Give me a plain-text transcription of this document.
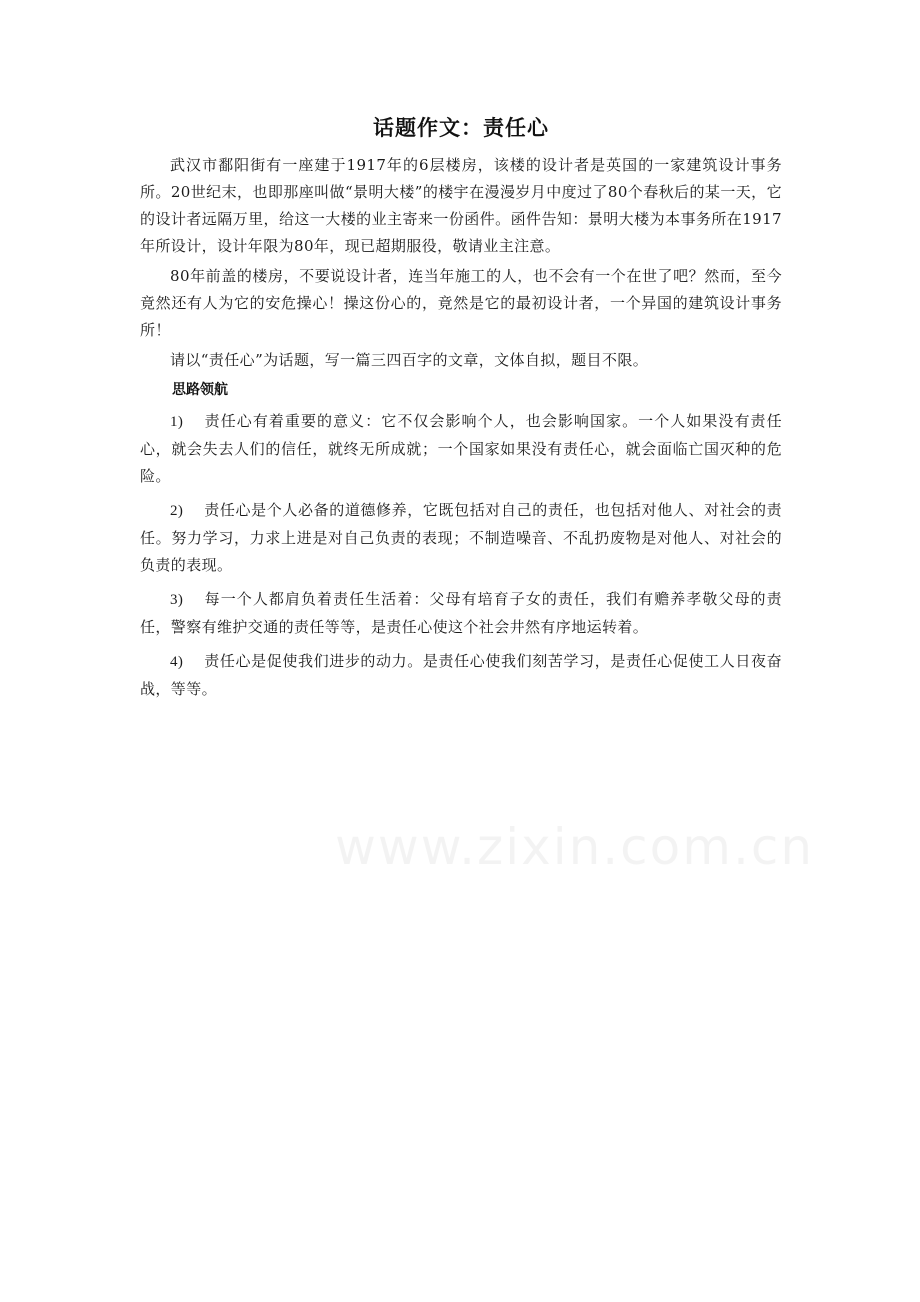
话题作文：责任心

武汉市鄱阳街有一座建于1917年的6层楼房，该楼的设计者是英国的一家建筑设计事务所。20世纪末，也即那座叫做“景明大楼”的楼宇在漫漫岁月中度过了80个春秋后的某一天，它的设计者远隔万里，给这一大楼的业主寄来一份函件。函件告知：景明大楼为本事务所在1917年所设计，设计年限为80年，现已超期服役，敬请业主注意。

80年前盖的楼房，不要说设计者，连当年施工的人，也不会有一个在世了吧？然而，至今竟然还有人为它的安危操心！操这份心的，竟然是它的最初设计者，一个异国的建筑设计事务所！

请以“责任心”为话题，写一篇三四百字的文章，文体自拟，题目不限。

思路领航

1) 责任心有着重要的意义：它不仅会影响个人，也会影响国家。一个人如果没有责任心，就会失去人们的信任，就终无所成就；一个国家如果没有责任心，就会面临亡国灭种的危险。

2) 责任心是个人必备的道德修养，它既包括对自己的责任，也包括对他人、对社会的责任。努力学习，力求上进是对自己负责的表现；不制造噪音、不乱扔废物是对他人、对社会的负责的表现。

3) 每一个人都肩负着责任生活着：父母有培育子女的责任，我们有赡养孝敬父母的责任，警察有维护交通的责任等等，是责任心使这个社会井然有序地运转着。

4) 责任心是促使我们进步的动力。是责任心使我们刻苦学习，是责任心促使工人日夜奋战，等等。
